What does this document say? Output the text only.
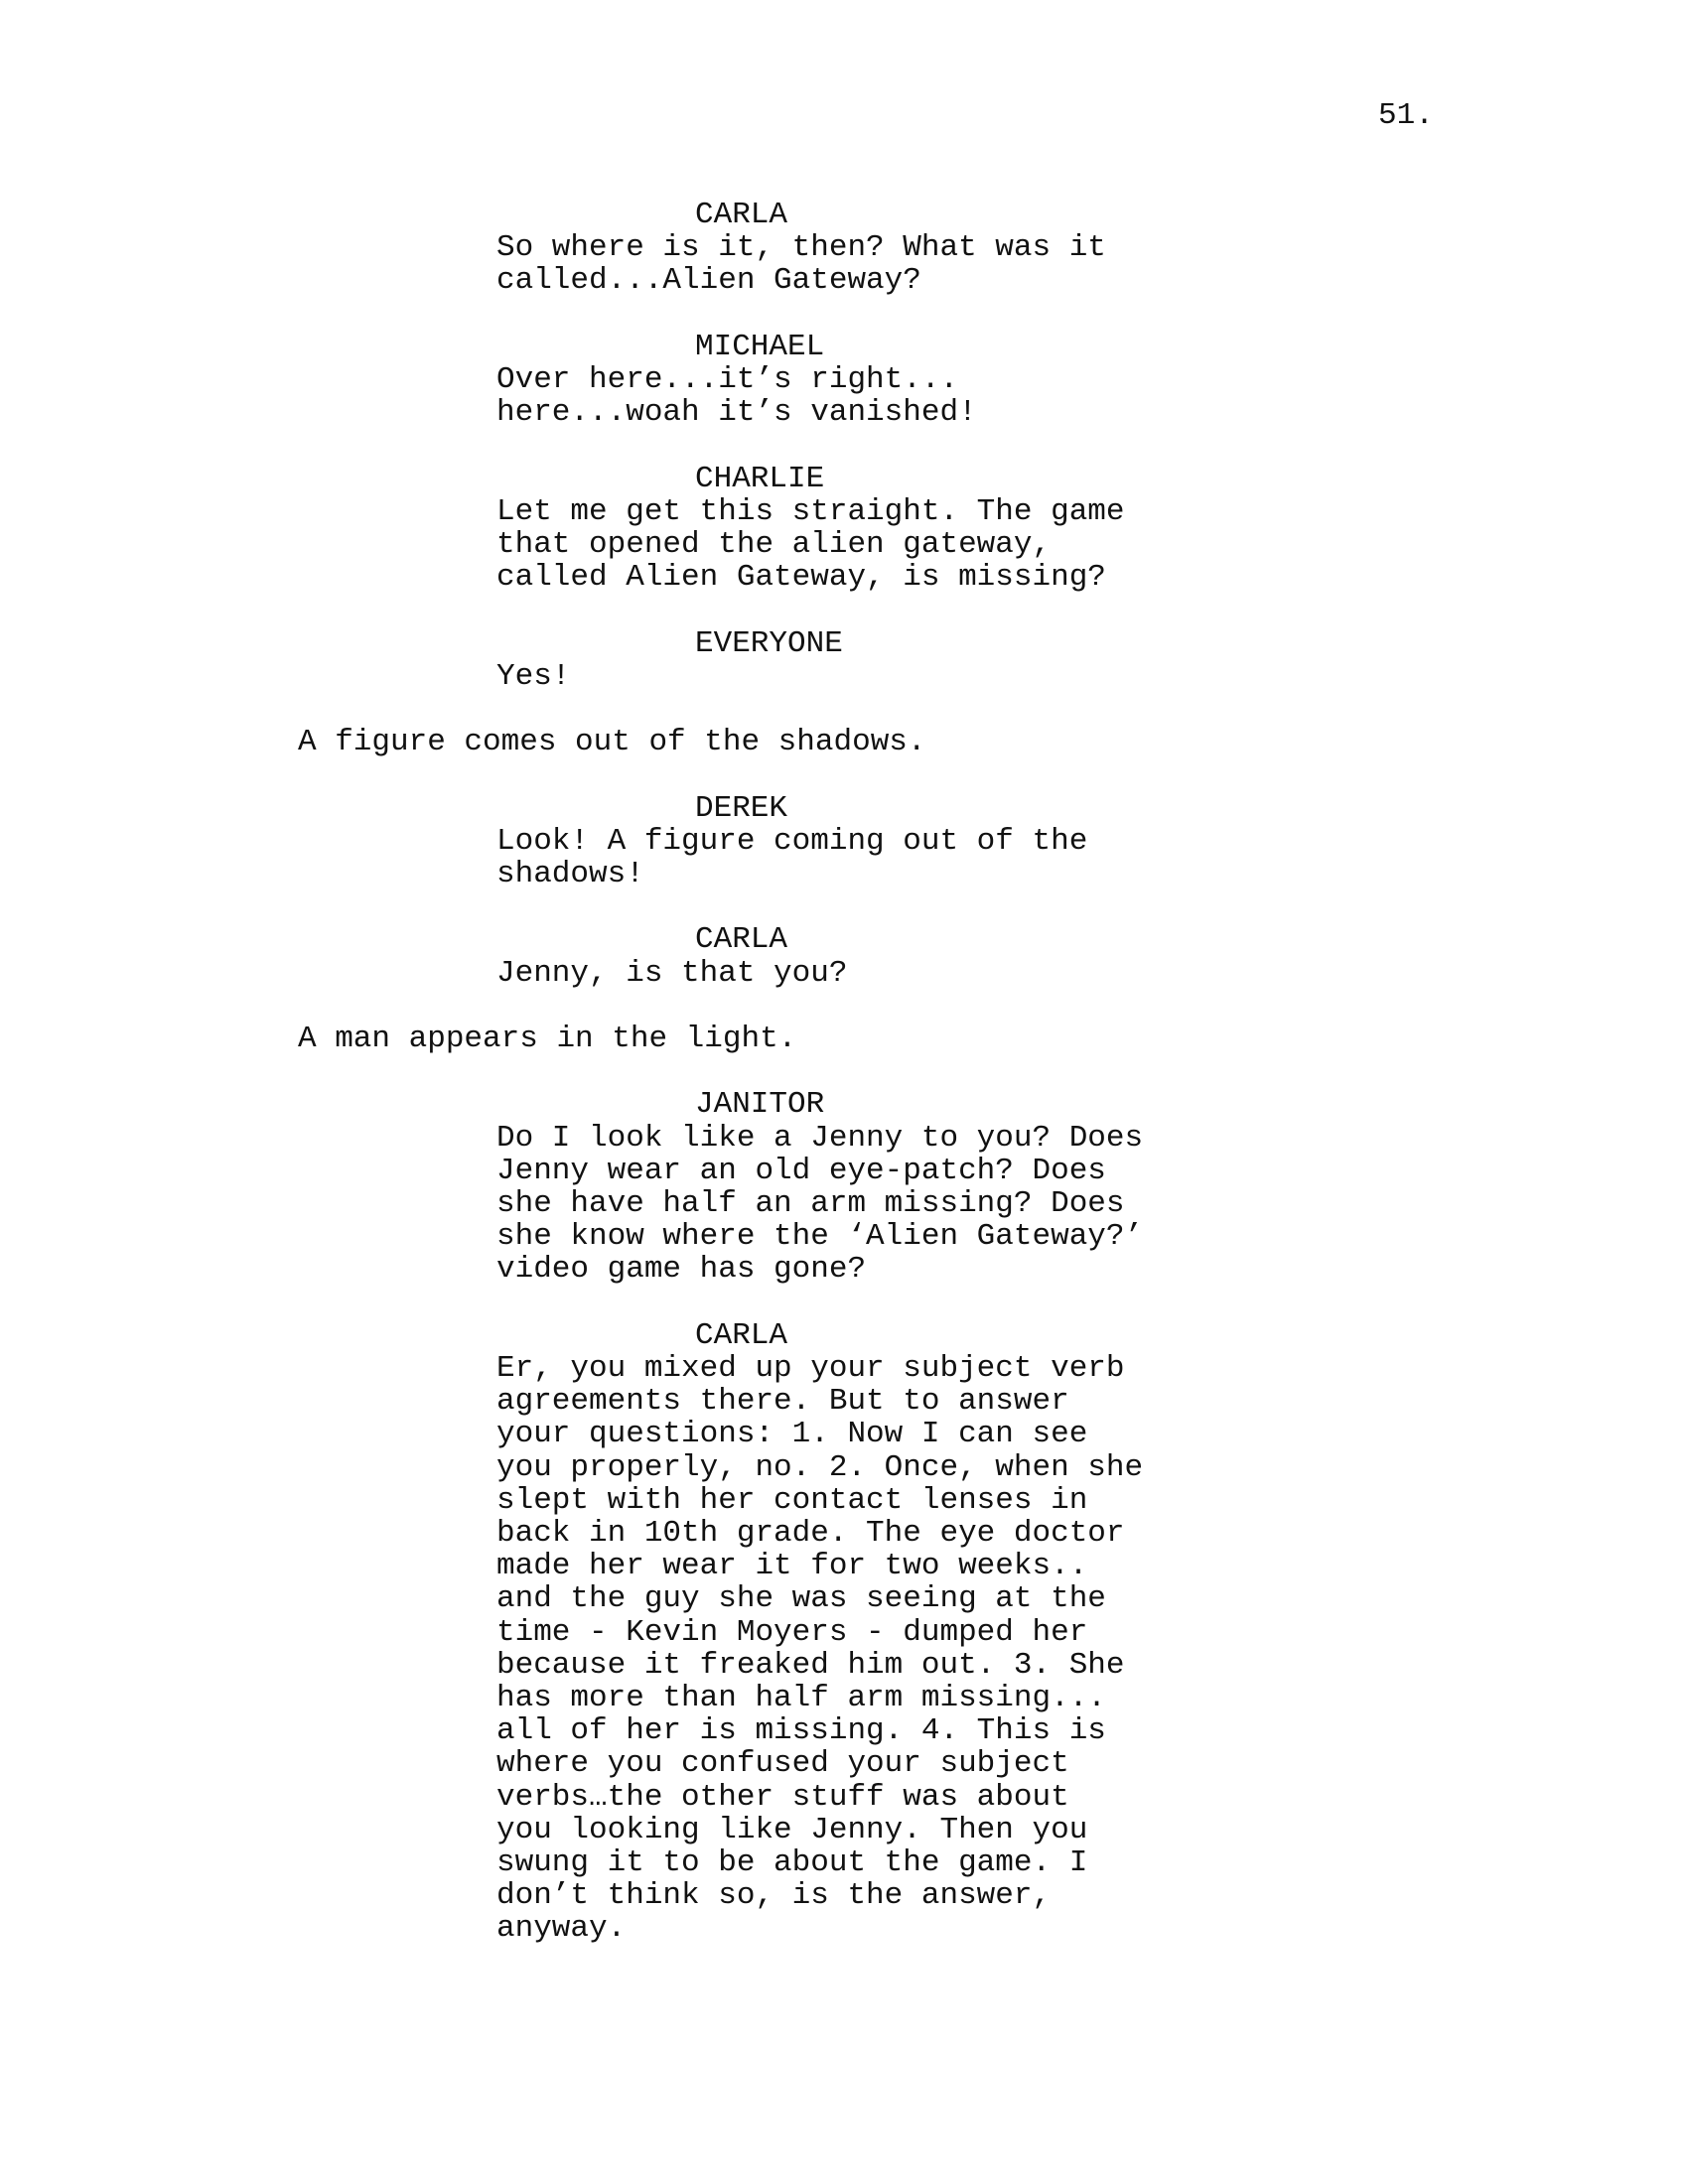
51.
CARLA
So where is it, then? What was it
called...Alien Gateway?
MICHAEL
Over here...it’s right...
here...woah it’s vanished!
CHARLIE
Let me get this straight. The game
that opened the alien gateway,
called Alien Gateway, is missing?
EVERYONE
Yes!
A figure comes out of the shadows.
DEREK
Look! A figure coming out of the
shadows!
CARLA
Jenny, is that you?
A man appears in the light.
JANITOR
Do I look like a Jenny to you? Does
Jenny wear an old eye-patch? Does
she have half an arm missing? Does
she know where the ‘Alien Gateway?’
video game has gone?
CARLA
Er, you mixed up your subject verb
agreements there. But to answer
your questions: 1. Now I can see
you properly, no. 2. Once, when she
slept with her contact lenses in
back in 10th grade. The eye doctor
made her wear it for two weeks..
and the guy she was seeing at the
time - Kevin Moyers - dumped her
because it freaked him out. 3. She
has more than half arm missing...
all of her is missing. 4. This is
where you confused your subject
verbs…the other stuff was about
you looking like Jenny. Then you
swung it to be about the game. I
don’t think so, is the answer,
anyway.
